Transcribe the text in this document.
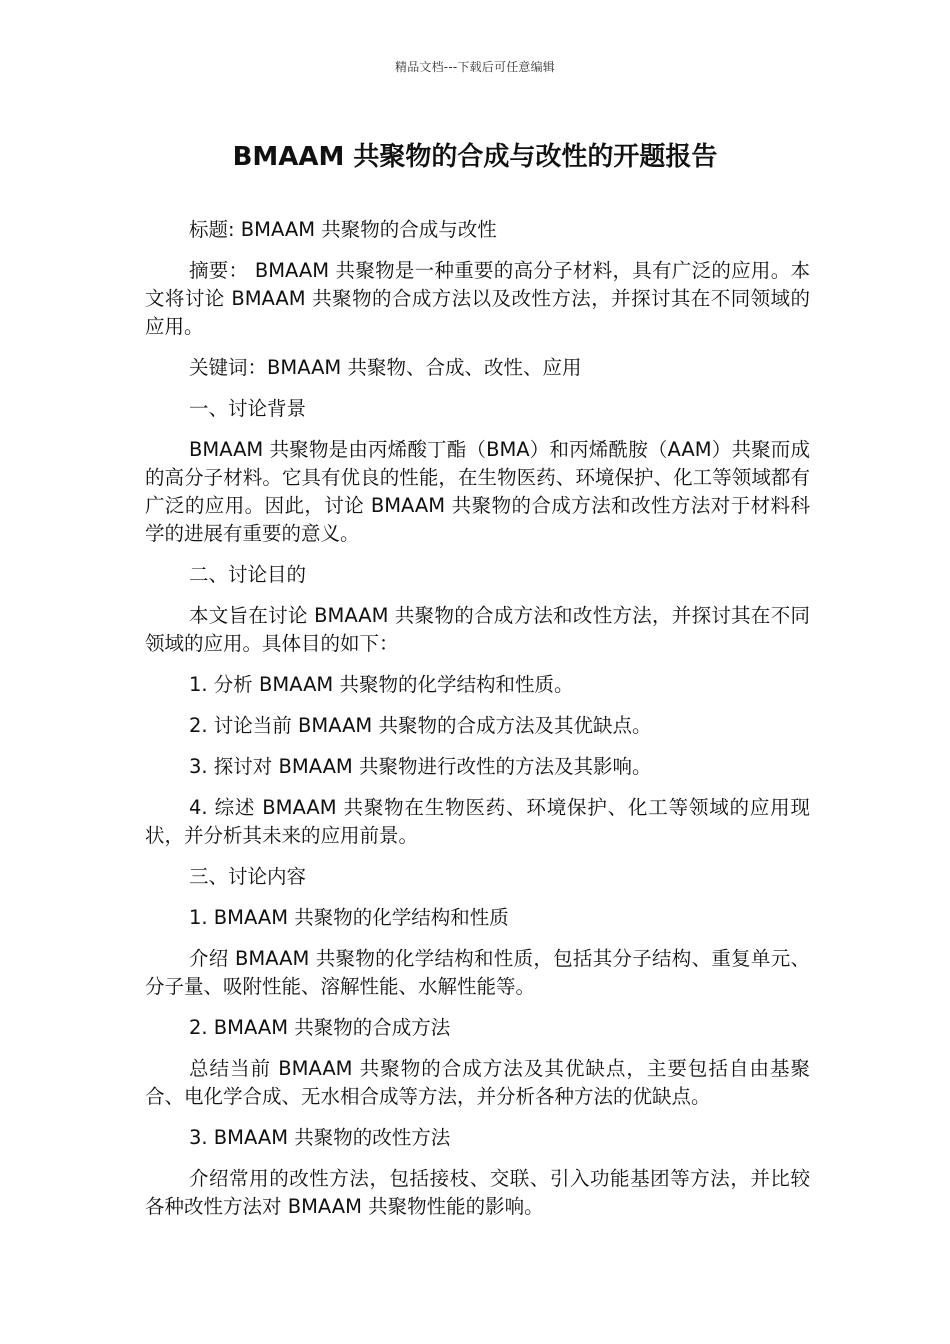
精品文档---下载后可任意编辑
BMAAM 共聚物的合成与改性的开题报告

标题: BMAAM 共聚物的合成与改性

摘要： BMAAM 共聚物是一种重要的高分子材料，具有广泛的应用。本文将讨论 BMAAM 共聚物的合成方法以及改性方法，并探讨其在不同领域的应用。

关键词：BMAAM 共聚物、合成、改性、应用

一、讨论背景

BMAAM 共聚物是由丙烯酸丁酯（BMA）和丙烯酰胺（AAM）共聚而成的高分子材料。它具有优良的性能，在生物医药、环境保护、化工等领域都有广泛的应用。因此，讨论 BMAAM 共聚物的合成方法和改性方法对于材料科学的进展有重要的意义。

二、讨论目的

本文旨在讨论 BMAAM 共聚物的合成方法和改性方法，并探讨其在不同领域的应用。具体目的如下：

1. 分析 BMAAM 共聚物的化学结构和性质。

2. 讨论当前 BMAAM 共聚物的合成方法及其优缺点。

3. 探讨对 BMAAM 共聚物进行改性的方法及其影响。

4. 综述 BMAAM 共聚物在生物医药、环境保护、化工等领域的应用现状，并分析其未来的应用前景。

三、讨论内容

1. BMAAM 共聚物的化学结构和性质

介绍 BMAAM 共聚物的化学结构和性质，包括其分子结构、重复单元、分子量、吸附性能、溶解性能、水解性能等。

2. BMAAM 共聚物的合成方法

总结当前 BMAAM 共聚物的合成方法及其优缺点，主要包括自由基聚合、电化学合成、无水相合成等方法，并分析各种方法的优缺点。

3. BMAAM 共聚物的改性方法

介绍常用的改性方法，包括接枝、交联、引入功能基团等方法，并比较各种改性方法对 BMAAM 共聚物性能的影响。
